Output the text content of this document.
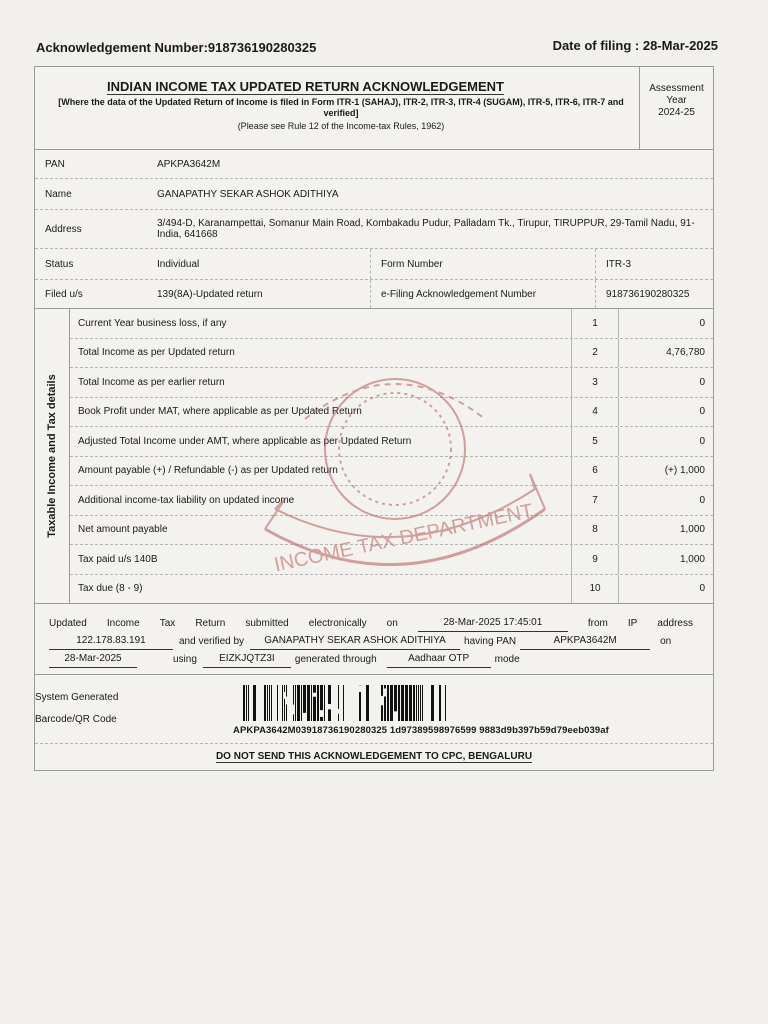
Acknowledgement Number:918736190280325	Date of filing : 28-Mar-2025
INDIAN INCOME TAX UPDATED RETURN ACKNOWLEDGEMENT
[Where the data of the Updated Return of Income is filed in Form ITR-1 (SAHAJ), ITR-2, ITR-3, ITR-4 (SUGAM), ITR-5, ITR-6, ITR-7 and verified]
(Please see Rule 12 of the Income-tax Rules, 1962)
Assessment
Year
2024-25
PAN	APKPA3642M
Name	GANAPATHY SEKAR ASHOK ADITHIYA
Address	3/494-D, Karanampettai, Somanur Main Road, Kombakadu Pudur, Palladam Tk., Tirupur, TIRUPPUR, 29-Tamil Nadu, 91-India, 641668
Status	Individual	Form Number	ITR-3
Filed u/s	139(8A)-Updated return	e-Filing Acknowledgement Number	918736190280325
Taxable Income and Tax details
Current Year business loss, if any	1	0
Total Income as per Updated return	2	4,76,780
Total Income as per earlier return	3	0
Book Profit under MAT, where applicable as per Updated Return	4	0
Adjusted Total Income under AMT, where applicable as per Updated Return	5	0
Amount payable (+) / Refundable (-) as per Updated return	6	(+) 1,000
Additional income-tax liability on updated income	7	0
Net amount payable	8	1,000
Tax paid u/s 140B	9	1,000
Tax due (8 - 9)	10	0
INCOME TAX DEPARTMENT
Updated Income Tax Return submitted electronically on	28-Mar-2025 17:45:01	from IP address
122.178.83.191	and verified by	GANAPATHY SEKAR ASHOK ADITHIYA	having PAN	APKPA3642M	on
28-Mar-2025	using	EIZKJQTZ3I	generated through	Aadhaar OTP	mode
System Generated
Barcode/QR Code
APKPA3642M03918736190280325 1d97389598976599 9883d9b397b59d79eeb039af
DO NOT SEND THIS ACKNOWLEDGEMENT TO CPC, BENGALURU
